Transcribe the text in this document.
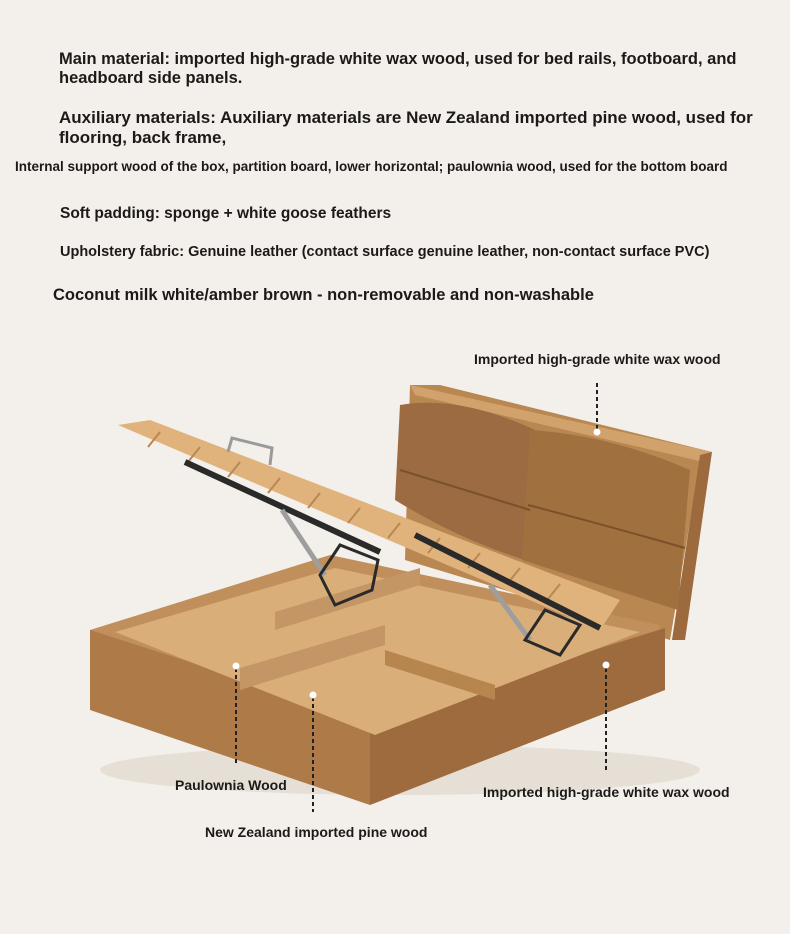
Main material: imported high-grade white wax wood, used for bed rails, footboard, and headboard side panels.

Auxiliary materials: Auxiliary materials are New Zealand imported pine wood, used for flooring, back frame,

Internal support wood of the box, partition board, lower horizontal; paulownia wood, used for the bottom board

Soft padding: sponge + white goose feathers

Upholstery fabric: Genuine leather (contact surface genuine leather, non-contact surface PVC)

Coconut milk white/amber brown - non-removable and non-washable

Imported high-grade white wax wood
Imported high-grade white wax wood
Paulownia Wood
New Zealand imported pine wood
